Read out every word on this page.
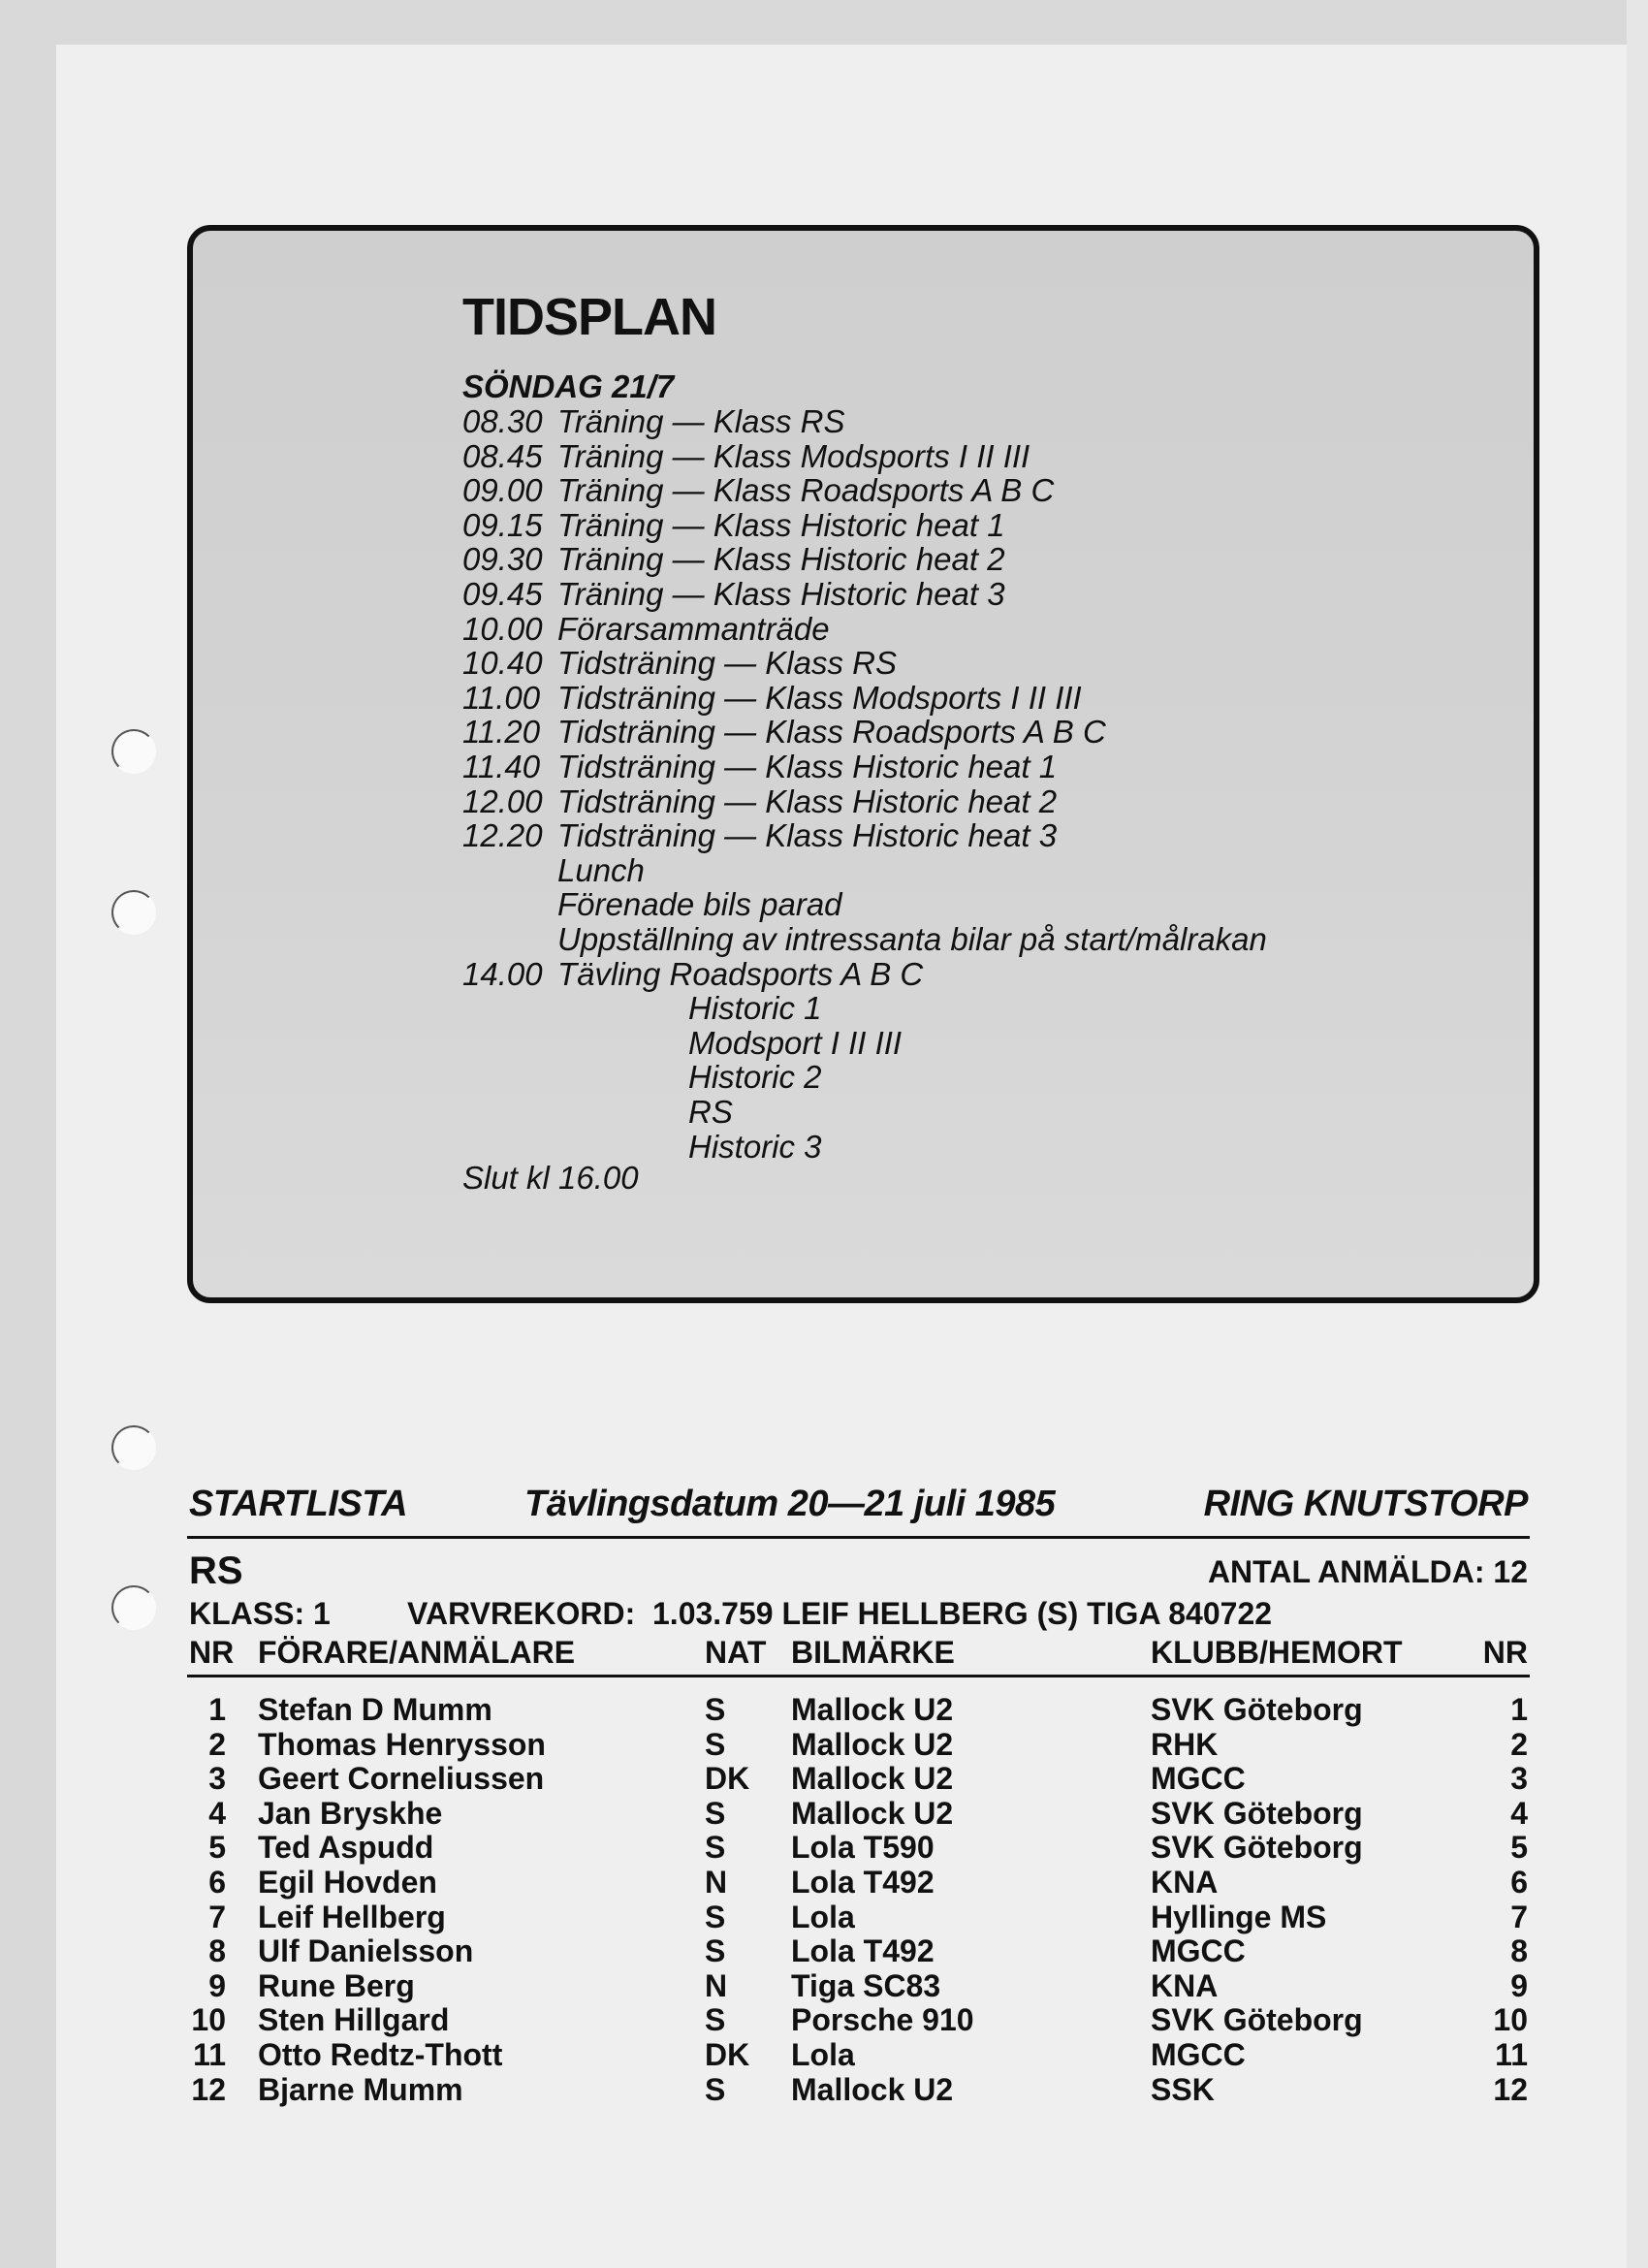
TIDSPLAN
SÖNDAG 21/7
08.30 Träning — Klass RS
08.45 Träning — Klass Modsports I II III
09.00 Träning — Klass Roadsports A B C
09.15 Träning — Klass Historic heat 1
09.30 Träning — Klass Historic heat 2
09.45 Träning — Klass Historic heat 3
10.00 Förarsammanträde
10.40 Tidsträning — Klass RS
11.00 Tidsträning — Klass Modsports I II III
11.20 Tidsträning — Klass Roadsports A B C
11.40 Tidsträning — Klass Historic heat 1
12.00 Tidsträning — Klass Historic heat 2
12.20 Tidsträning — Klass Historic heat 3
Lunch
Förenade bils parad
Uppställning av intressanta bilar på start/målrakan
14.00 Tävling Roadsports A B C
Historic 1
Modsport I II III
Historic 2
RS
Historic 3
Slut kl 16.00
STARTLISTA	Tävlingsdatum 20—21 juli 1985	RING KNUTSTORP
RS	ANTAL ANMÄLDA: 12
KLASS: 1 VARVREKORD: 1.03.759 LEIF HELLBERG (S) TIGA 840722
NR FÖRARE/ANMÄLARE	NAT BILMÄRKE	KLUBB/HEMORT	NR
1 Stefan D Mumm	S Mallock U2	SVK Göteborg	1
2 Thomas Henrysson	S Mallock U2	RHK	2
3 Geert Corneliussen	DK Mallock U2	MGCC	3
4 Jan Bryskhe	S Mallock U2	SVK Göteborg	4
5 Ted Aspudd	S Lola T590	SVK Göteborg	5
6 Egil Hovden	N Lola T492	KNA	6
7 Leif Hellberg	S Lola	Hyllinge MS	7
8 Ulf Danielsson	S Lola T492	MGCC	8
9 Rune Berg	N Tiga SC83	KNA	9
10 Sten Hillgard	S Porsche 910	SVK Göteborg	10
11 Otto Redtz-Thott	DK Lola	MGCC	11
12 Bjarne Mumm	S Mallock U2	SSK	12
